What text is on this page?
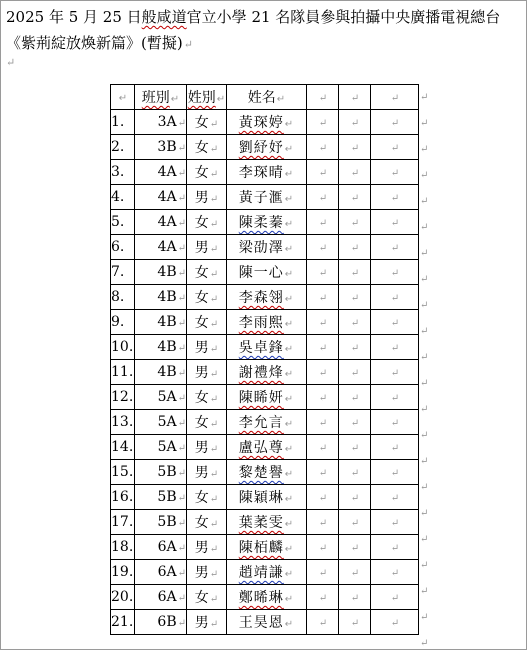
2025 年 5 月 25 日般咸道官立小學 21 名隊員參與拍攝中央廣播電視總台
《紫荊綻放煥新篇》(暫擬)↵
↵
↵	班別↵	姓別↵	姓名↵	↵	↵	↵
1.	3A↵	女↵	黃琛婷↵	↵	↵	↵
2.	3B↵	女↵	劉紓妤↵	↵	↵	↵
3.	4A↵	女↵	李琛晴↵	↵	↵	↵
4.	4A↵	男↵	黃子滙↵	↵	↵	↵
5.	4A↵	女↵	陳柔蓁↵	↵	↵	↵
6.	4A↵	男↵	梁劭澤↵	↵	↵	↵
7.	4B↵	女↵	陳一心↵	↵	↵	↵
8.	4B↵	女↵	李森翎↵	↵	↵	↵
9.	4B↵	女↵	李雨熙↵	↵	↵	↵
10.	4B↵	男↵	吳卓鋒↵	↵	↵	↵
11.	4B↵	男↵	謝禮烽↵	↵	↵	↵
12.	5A↵	女↵	陳睎妍↵	↵	↵	↵
13.	5A↵	女↵	李允言↵	↵	↵	↵
14.	5A↵	男↵	盧弘尊↵	↵	↵	↵
15.	5B↵	男↵	黎楚譽↵	↵	↵	↵
16.	5B↵	女↵	陳穎琳↵	↵	↵	↵
17.	5B↵	女↵	葉葇雯↵	↵	↵	↵
18.	6A↵	男↵	陳栢麟↵	↵	↵	↵
19.	6A↵	男↵	趙靖謙↵	↵	↵	↵
20.	6A↵	女↵	鄭晞琳↵	↵	↵	↵
21.	6B↵	男↵	王昊恩↵	↵	↵	↵
↵
↵
↵
↵
↵
↵
↵
↵
↵
↵
↵
↵
↵
↵
↵
↵
↵
↵
↵
↵
↵
↵
